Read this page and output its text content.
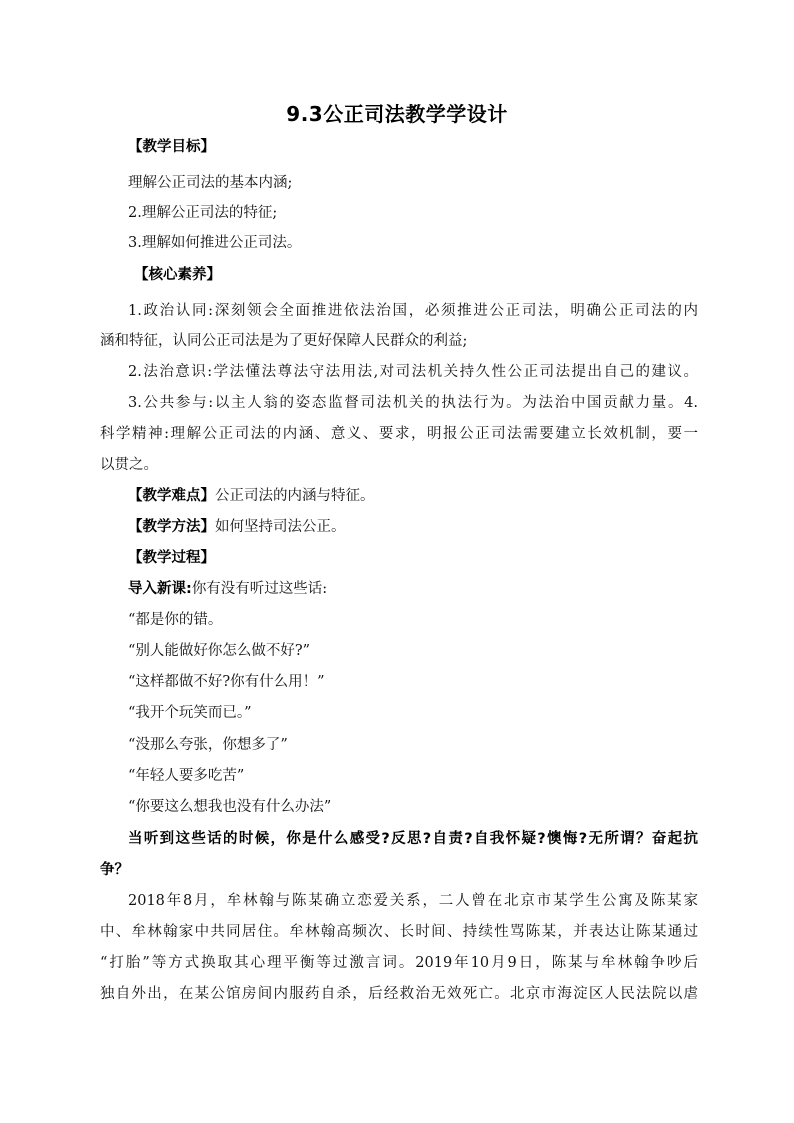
9.3公正司法教学学设计
【教学目标】
理解公正司法的基本内涵;
2.理解公正司法的特征;
3.理解如何推进公正司法。
【核心素养】
1.政治认同:深刻领会全面推进依法治国，必须推进公正司法，明确公正司法的内
涵和特征，认同公正司法是为了更好保障人民群众的利益;
2.法治意识:学法懂法尊法守法用法,对司法机关持久性公正司法提出自己的建议。
3.公共参与:以主人翁的姿态监督司法机关的执法行为。为法治中国贡献力量。4.
科学精神:理解公正司法的内涵、意义、要求，明报公正司法需要建立长效机制，要一
以贯之。
【教学难点】公正司法的内涵与特征。
【教学方法】如何坚持司法公正。
【教学过程】
导入新课:你有没有听过这些话:
“都是你的错。
“别人能做好你怎么做不好?”
“这样都做不好?你有什么用！”
“我开个玩笑而已。”
“没那么夸张，你想多了”
“年轻人要多吃苦”
“你要这么想我也没有什么办法”
当听到这些话的时候，你是什么感受?反思?自责?自我怀疑?懊悔?无所谓？奋起抗
争？
2018年8月，牟林翰与陈某确立恋爱关系，二人曾在北京市某学生公寓及陈某家
中、牟林翰家中共同居住。牟林翰高频次、长时间、持续性骂陈某，并表达让陈某通过
“打胎”等方式换取其心理平衡等过激言词。2019年10月9日，陈某与牟林翰争吵后
独自外出，在某公馆房间内服药自杀，后经救治无效死亡。北京市海淀区人民法院以虐
